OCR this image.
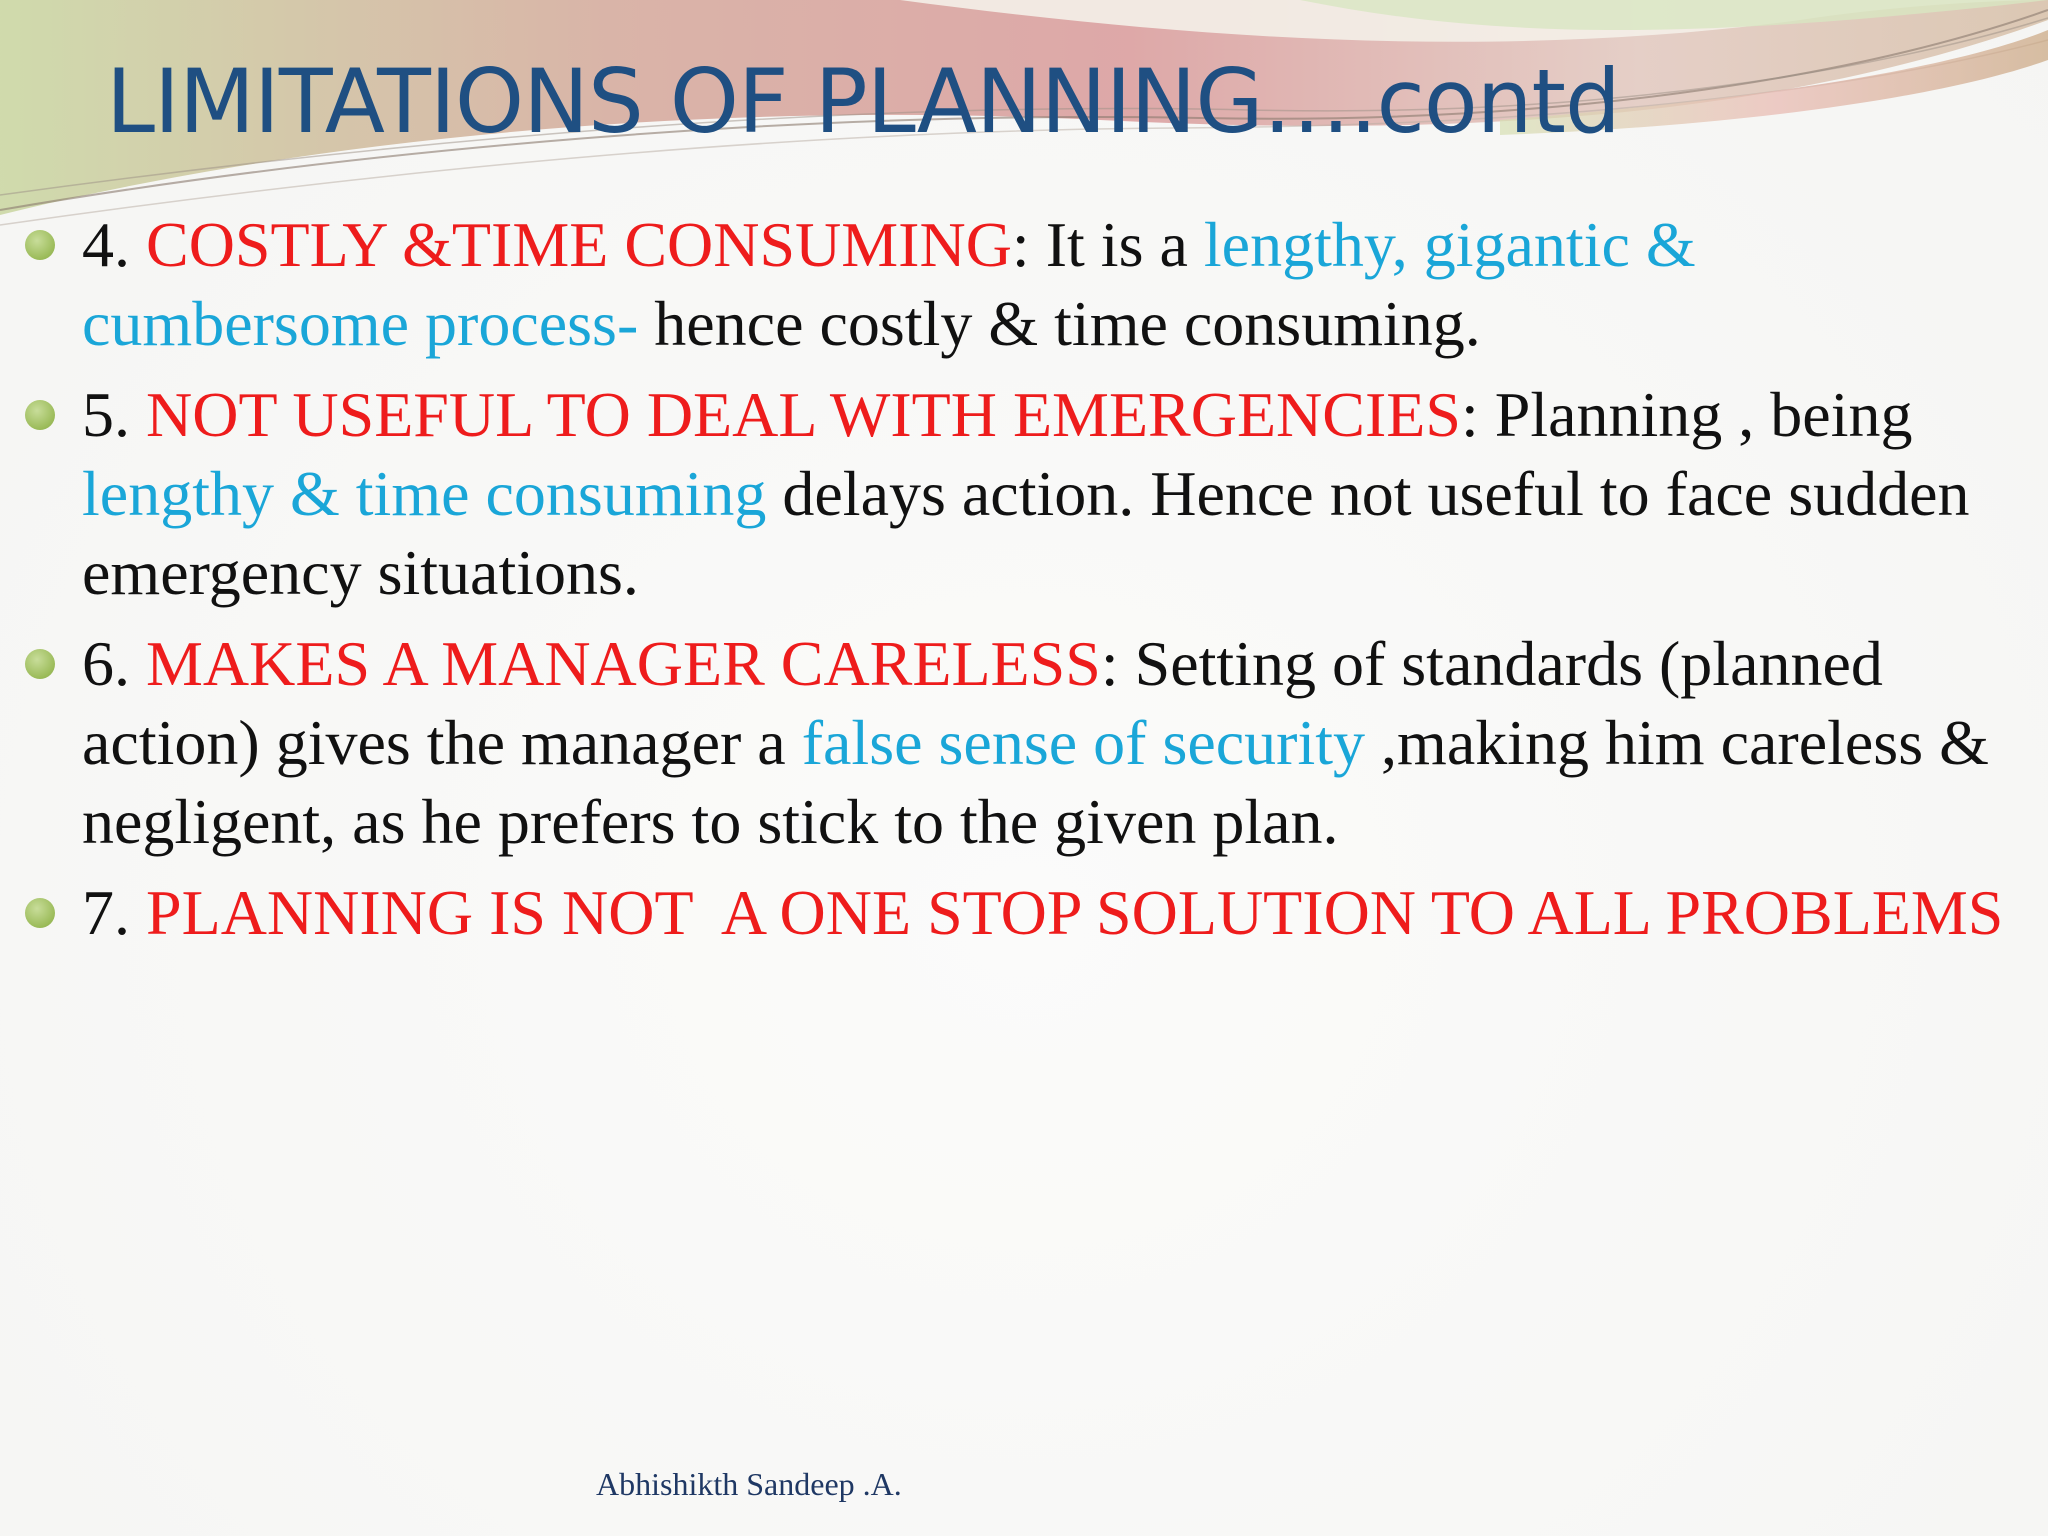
LIMITATIONS OF PLANNING….contd
4. COSTLY &TIME CONSUMING: It is a lengthy, gigantic & cumbersome process- hence costly & time consuming.
5. NOT USEFUL TO DEAL WITH EMERGENCIES: Planning , being lengthy & time consuming delays action. Hence not useful to face sudden emergency situations.
6. MAKES A MANAGER CARELESS: Setting of standards (planned action) gives the manager a false sense of security ,making him careless & negligent, as he prefers to stick to the given plan.
7. PLANNING IS NOT  A ONE STOP SOLUTION TO ALL PROBLEMS
Abhishikth Sandeep .A.
